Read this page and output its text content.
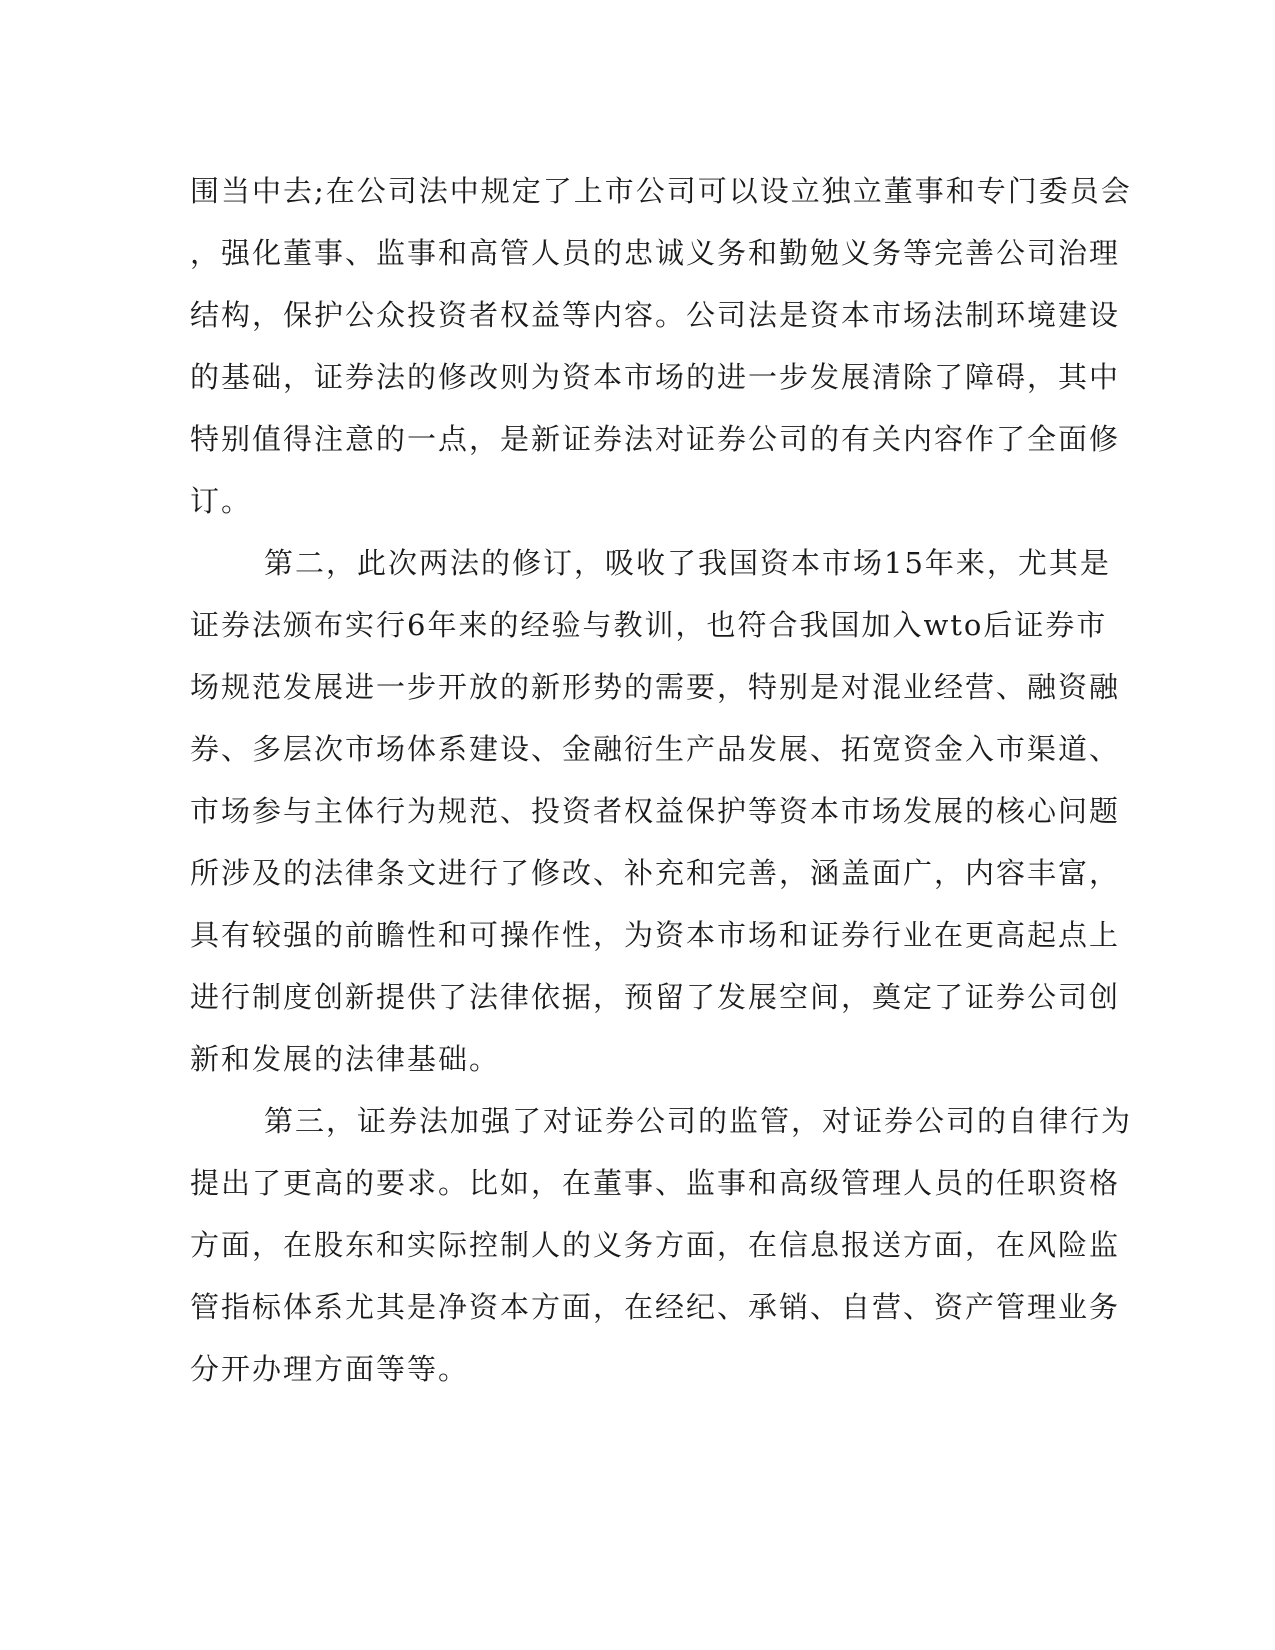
围当中去;在公司法中规定了上市公司可以设立独立董事和专门委员会
，强化董事、监事和高管人员的忠诚义务和勤勉义务等完善公司治理
结构，保护公众投资者权益等内容。公司法是资本市场法制环境建设
的基础，证券法的修改则为资本市场的进一步发展清除了障碍，其中
特别值得注意的一点，是新证券法对证券公司的有关内容作了全面修
订。
第二，此次两法的修订，吸收了我国资本市场15年来，尤其是
证券法颁布实行6年来的经验与教训，也符合我国加入wto后证券市
场规范发展进一步开放的新形势的需要，特别是对混业经营、融资融
券、多层次市场体系建设、金融衍生产品发展、拓宽资金入市渠道、
市场参与主体行为规范、投资者权益保护等资本市场发展的核心问题
所涉及的法律条文进行了修改、补充和完善，涵盖面广，内容丰富，
具有较强的前瞻性和可操作性，为资本市场和证券行业在更高起点上
进行制度创新提供了法律依据，预留了发展空间，奠定了证券公司创
新和发展的法律基础。
第三，证券法加强了对证券公司的监管，对证券公司的自律行为
提出了更高的要求。比如，在董事、监事和高级管理人员的任职资格
方面，在股东和实际控制人的义务方面，在信息报送方面，在风险监
管指标体系尤其是净资本方面，在经纪、承销、自营、资产管理业务
分开办理方面等等。
